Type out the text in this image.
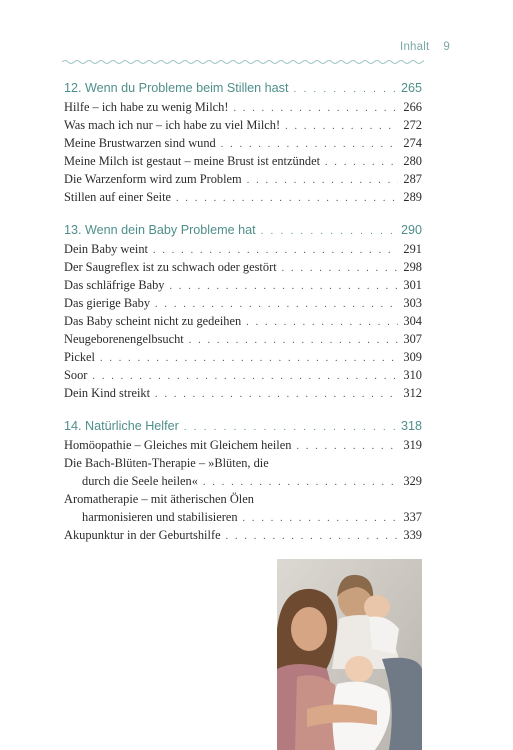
Inhalt 9
12. Wenn du Probleme beim Stillen hast . . .	265
Hilfe – ich habe zu wenig Milch! . . .	266
Was mach ich nur – ich habe zu viel Milch! . . .	272
Meine Brustwarzen sind wund . . .	274
Meine Milch ist gestaut – meine Brust ist entzündet . . .	280
Die Warzenform wird zum Problem . . .	287
Stillen auf einer Seite . . .	289
13. Wenn dein Baby Probleme hat . . .	290
Dein Baby weint . . .	291
Der Saugreflex ist zu schwach oder gestört . . .	298
Das schläfrige Baby . . .	301
Das gierige Baby . . .	303
Das Baby scheint nicht zu gedeihen . . .	304
Neugeborenengelbsucht . . .	307
Pickel . . .	309
Soor . . .	310
Dein Kind streikt . . .	312
14. Natürliche Helfer . . .	318
Homöopathie – Gleiches mit Gleichem heilen . . .	319
Die Bach-Blüten-Therapie – »Blüten, die
durch die Seele heilen« . . .	329
Aromatherapie – mit ätherischen Ölen
harmonisieren und stabilisieren . . .	337
Akupunktur in der Geburtshilfe . . .	339
